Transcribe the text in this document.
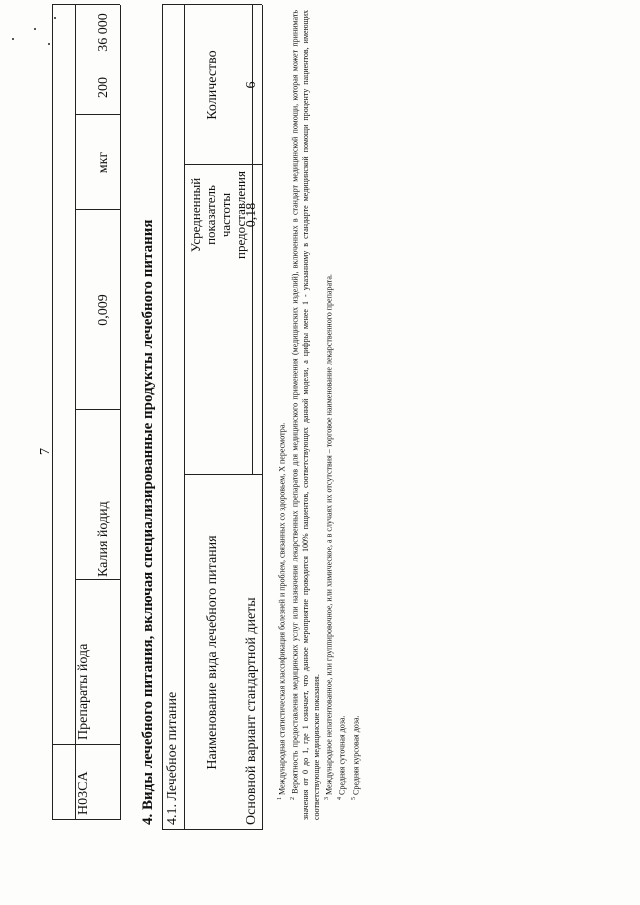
7
H03CA
Препараты йода
Калия йодид
0,009
мкг
200
36 000
4. Виды лечебного питания, включая специализированные продукты лечебного питания 4.1. Лечебное питание Наименование вида лечебного питания
Усредненный показатель частоты предоставления
Количество
Основной вариант стандартной диеты
0,18
6

$^1$ Международная статистическая классификация болезней и проблем, связанных со здоровьем, X пересмотра.

$^2$ Вероятность предоставления медицинских услуг или назначения лекарственных препаратов для медицинского применения (медицинских изделий), включенных в стандарт медицинской помощи, которая может принимать значения от 0 до 1, где 1 означает, что данное мероприятие проводится 100% пациентов, соответствующих данной модели, а цифры менее 1 - указанному в стандарте медицинской помощи проценту пациентов, имеющих соответствующие медицинские показания. $^3$ Международное непатентованное, или группировочное, или химическое, а в случаях их отсутствия – торговое наименование лекарственного препарата.

$^4$ Средняя суточная доза.

$^5$ Средняя курсовая доза.
